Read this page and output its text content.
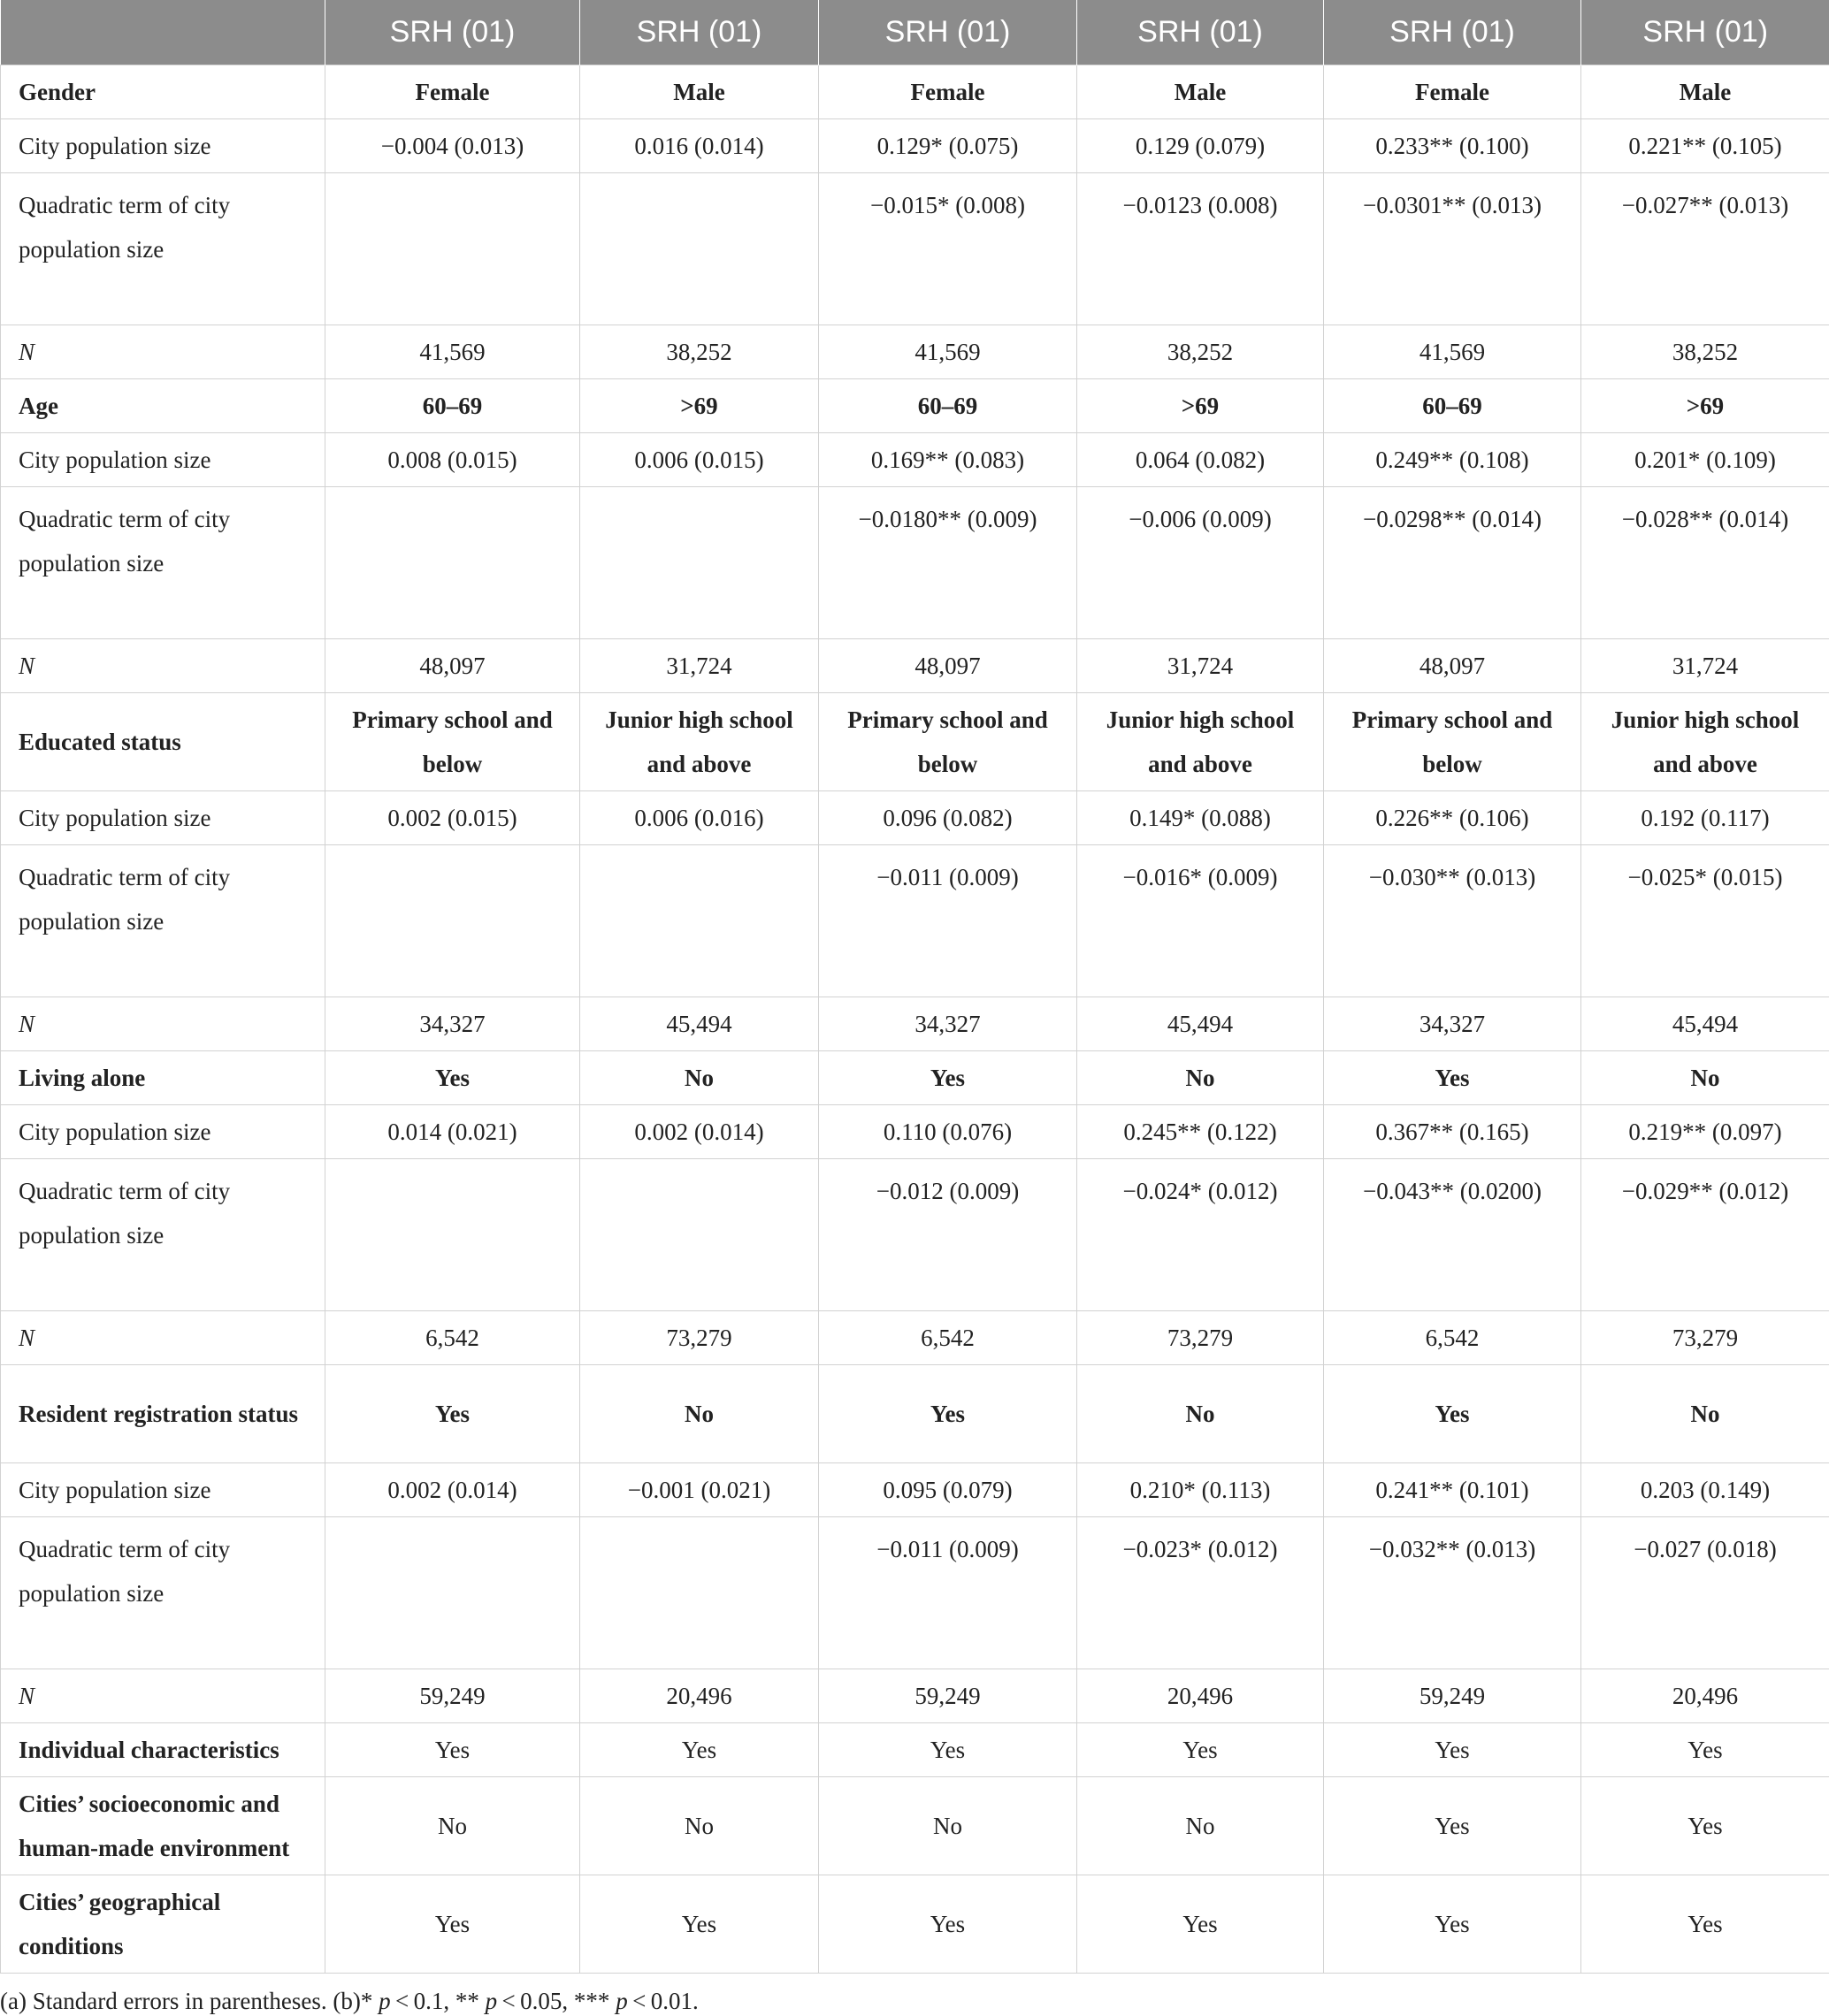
	SRH (01)	SRH (01)	SRH (01)	SRH (01)	SRH (01)	SRH (01)
Gender	Female	Male	Female	Male	Female	Male
City population size	−0.004 (0.013)	0.016 (0.014)	0.129* (0.075)	0.129 (0.079)	0.233** (0.100)	0.221** (0.105)
Quadratic term of city population size			−0.015* (0.008)	−0.0123 (0.008)	−0.0301** (0.013)	−0.027** (0.013)
N	41,569	38,252	41,569	38,252	41,569	38,252
Age	60–69	>69	60–69	>69	60–69	>69
City population size	0.008 (0.015)	0.006 (0.015)	0.169** (0.083)	0.064 (0.082)	0.249** (0.108)	0.201* (0.109)
Quadratic term of city population size			−0.0180** (0.009)	−0.006 (0.009)	−0.0298** (0.014)	−0.028** (0.014)
N	48,097	31,724	48,097	31,724	48,097	31,724
Educated status	Primary school and below	Junior high school and above	Primary school and below	Junior high school and above	Primary school and below	Junior high school and above
City population size	0.002 (0.015)	0.006 (0.016)	0.096 (0.082)	0.149* (0.088)	0.226** (0.106)	0.192 (0.117)
Quadratic term of city population size			−0.011 (0.009)	−0.016* (0.009)	−0.030** (0.013)	−0.025* (0.015)
N	34,327	45,494	34,327	45,494	34,327	45,494
Living alone	Yes	No	Yes	No	Yes	No
City population size	0.014 (0.021)	0.002 (0.014)	0.110 (0.076)	0.245** (0.122)	0.367** (0.165)	0.219** (0.097)
Quadratic term of city population size			−0.012 (0.009)	−0.024* (0.012)	−0.043** (0.0200)	−0.029** (0.012)
N	6,542	73,279	6,542	73,279	6,542	73,279
Resident registration status	Yes	No	Yes	No	Yes	No
City population size	0.002 (0.014)	−0.001 (0.021)	0.095 (0.079)	0.210* (0.113)	0.241** (0.101)	0.203 (0.149)
Quadratic term of city population size			−0.011 (0.009)	−0.023* (0.012)	−0.032** (0.013)	−0.027 (0.018)
N	59,249	20,496	59,249	20,496	59,249	20,496
Individual characteristics	Yes	Yes	Yes	Yes	Yes	Yes
Cities’ socioeconomic and human-made environment	No	No	No	No	Yes	Yes
Cities’ geographical conditions	Yes	Yes	Yes	Yes	Yes	Yes
(a) Standard errors in parentheses. (b)* p < 0.1, ** p < 0.05, *** p < 0.01.
